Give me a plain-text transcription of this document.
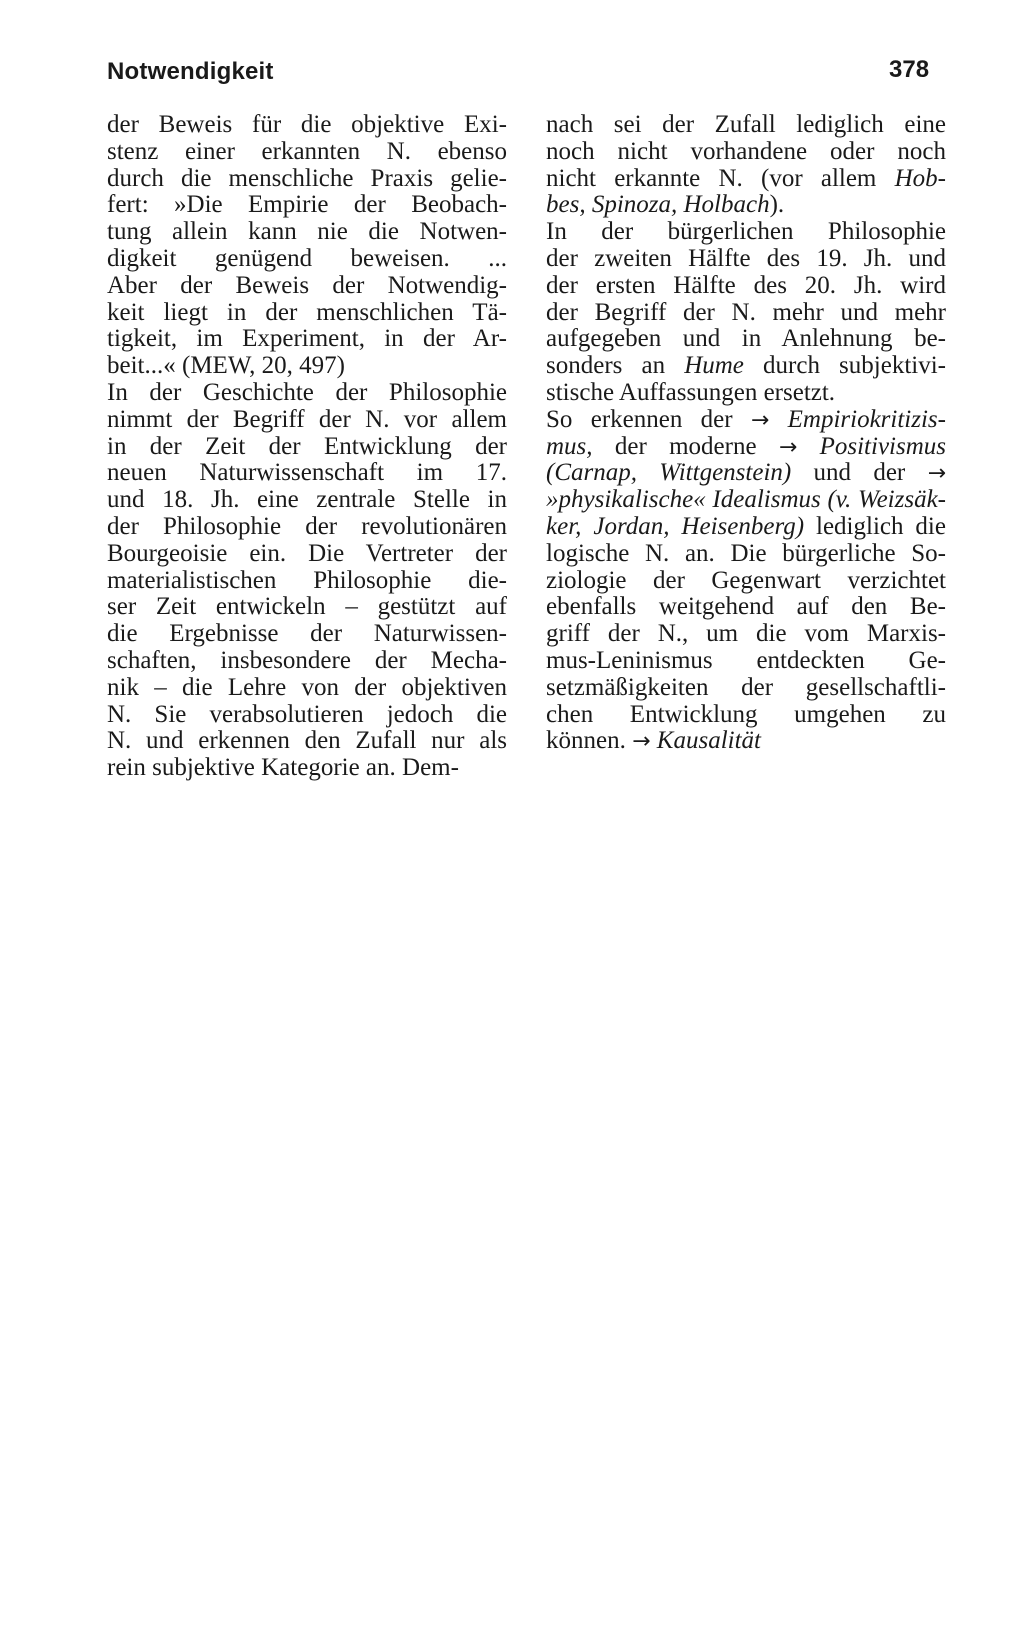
Notwendigkeit	378
der Beweis für die objektive Exi-
stenz einer erkannten N. ebenso
durch die menschliche Praxis gelie-
fert: »Die Empirie der Beobach-
tung allein kann nie die Notwen-
digkeit genügend beweisen. ...
Aber der Beweis der Notwendig-
keit liegt in der menschlichen Tä-
tigkeit, im Experiment, in der Ar-
beit...« (MEW, 20, 497)
In der Geschichte der Philosophie
nimmt der Begriff der N. vor allem
in der Zeit der Entwicklung der
neuen Naturwissenschaft im 17.
und 18. Jh. eine zentrale Stelle in
der Philosophie der revolutionären
Bourgeoisie ein. Die Vertreter der
materialistischen Philosophie die-
ser Zeit entwickeln – gestützt auf
die Ergebnisse der Naturwissen-
schaften, insbesondere der Mecha-
nik – die Lehre von der objektiven
N. Sie verabsolutieren jedoch die
N. und erkennen den Zufall nur als
rein subjektive Kategorie an. Dem-
nach sei der Zufall lediglich eine
noch nicht vorhandene oder noch
nicht erkannte N. (vor allem Hob-
bes, Spinoza, Holbach).
In der bürgerlichen Philosophie
der zweiten Hälfte des 19. Jh. und
der ersten Hälfte des 20. Jh. wird
der Begriff der N. mehr und mehr
aufgegeben und in Anlehnung be-
sonders an Hume durch subjektivi-
stische Auffassungen ersetzt.
So erkennen der → Empiriokritizis-
mus, der moderne → Positivismus
(Carnap, Wittgenstein) und der →
»physikalische« Idealismus (v. Weizsäk-
ker, Jordan, Heisenberg) lediglich die
logische N. an. Die bürgerliche So-
ziologie der Gegenwart verzichtet
ebenfalls weitgehend auf den Be-
griff der N., um die vom Marxis-
mus-Leninismus entdeckten Ge-
setzmäßigkeiten der gesellschaftli-
chen Entwicklung umgehen zu
können. → Kausalität
